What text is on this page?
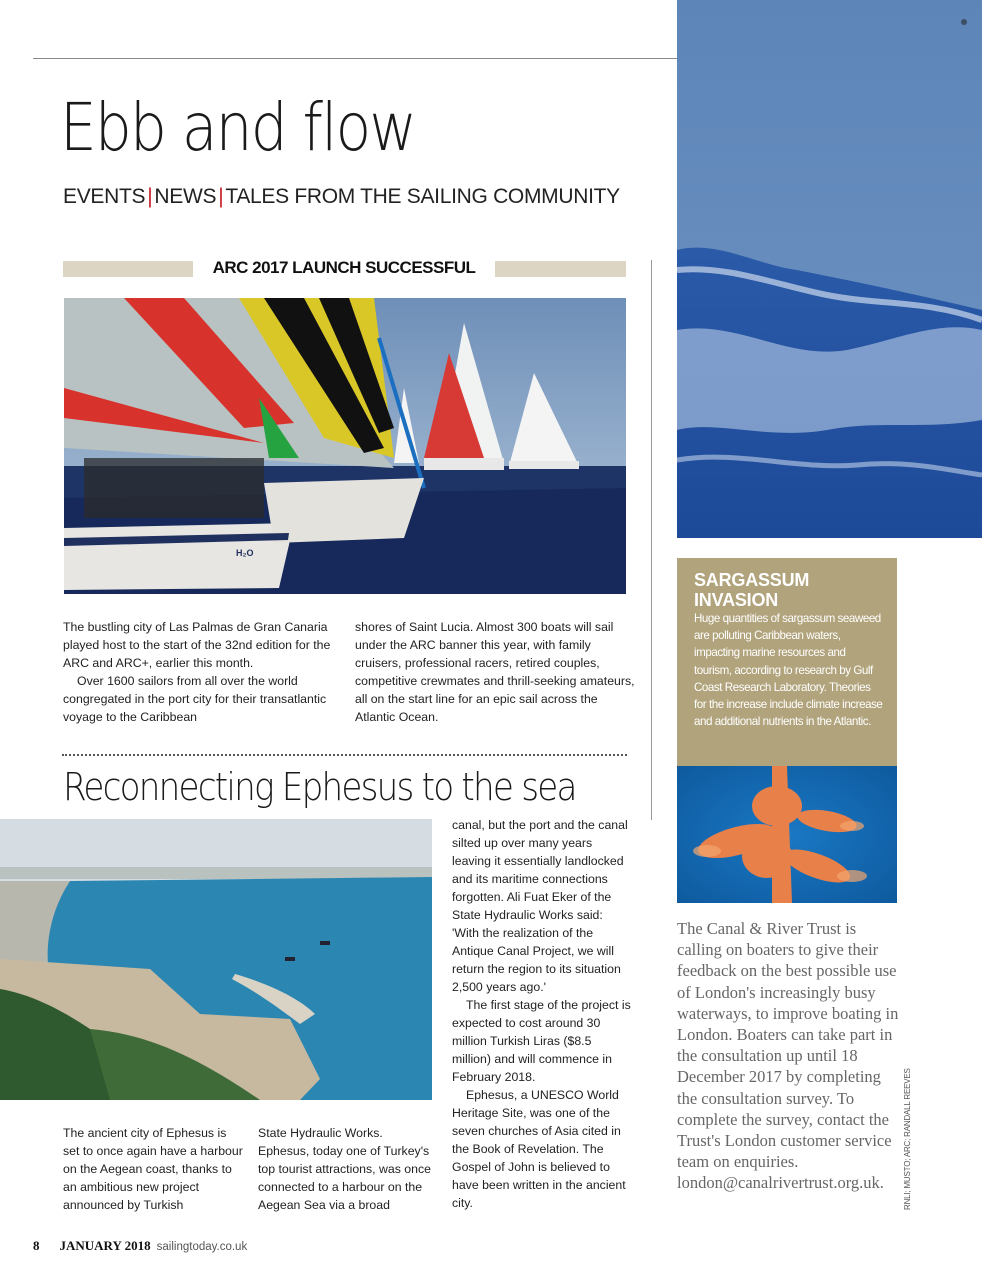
Ebb and flow
EVENTS|NEWS|TALES FROM THE SAILING COMMUNITY
ARC 2017 LAUNCH SUCCESSFUL
H₂O
The bustling city of Las Palmas de Gran Canaria played host to the start of the 32nd edition for the ARC and ARC+, earlier this month.
Over 1600 sailors from all over the world congregated in the port city for their transatlantic voyage to the Caribbean
shores of Saint Lucia. Almost 300 boats will sail under the ARC banner this year, with family cruisers, professional racers, retired couples, competitive crewmates and thrill-seeking amateurs, all on the start line for an epic sail across the Atlantic Ocean.
Reconnecting Ephesus to the sea
The ancient city of Ephesus is set to once again have a harbour on the Aegean coast, thanks to an ambitious new project announced by Turkish
State Hydraulic Works.
Ephesus, today one of Turkey's top tourist attractions, was once connected to a harbour on the Aegean Sea via a broad
canal, but the port and the canal silted up over many years leaving it essentially landlocked and its maritime connections forgotten. Ali Fuat Eker of the State Hydraulic Works said: 'With the realization of the Antique Canal Project, we will return the region to its situation 2,500 years ago.'
The first stage of the project is expected to cost around 30 million Turkish Liras ($8.5 million) and will commence in February 2018.
Ephesus, a UNESCO World Heritage Site, was one of the seven churches of Asia cited in the Book of Revelation. The Gospel of John is believed to have been written in the ancient city.
SARGASSUM
INVASION
Huge quantities of sargassum seaweed are polluting Caribbean waters, impacting marine resources and tourism, according to research by Gulf Coast Research Laboratory. Theories for the increase include climate increase and additional nutrients in the Atlantic.
The Canal & River Trust is calling on boaters to give their feedback on the best possible use of London's increasingly busy waterways, to improve boating in London. Boaters can take part in the consultation up until 18 December 2017 by completing the consultation survey. To complete the survey, contact the Trust's London customer service team on enquiries. london@canalrivertrust.org.uk.	RNLI; MUSTO; ARC; RANDALL REEVES
8 JANUARY 2018 sailingtoday.co.uk
